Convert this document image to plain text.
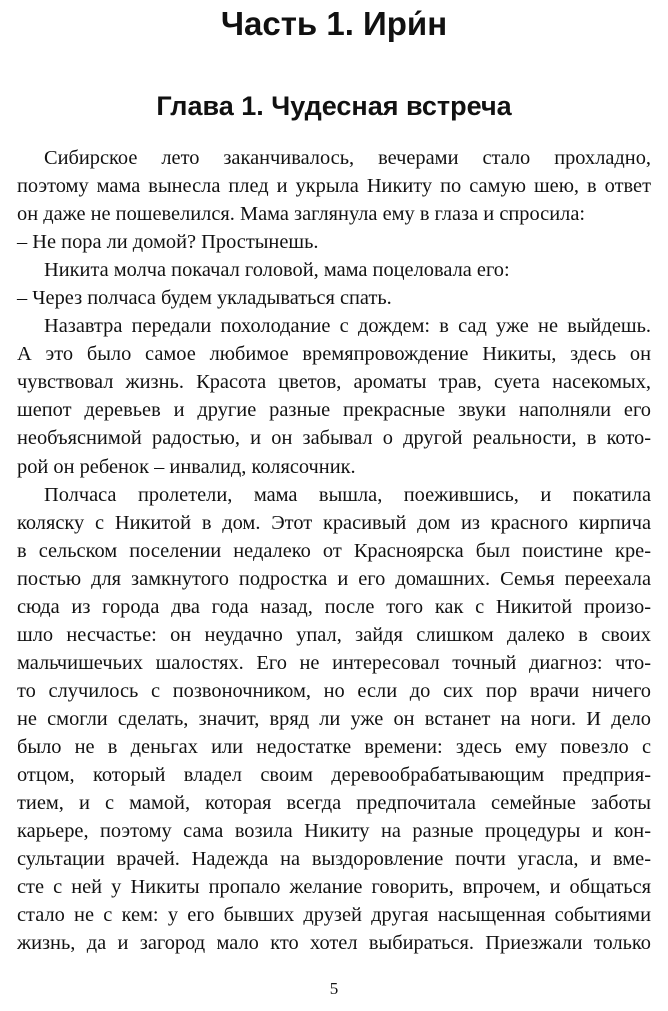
Часть 1. Ири́н
Глава 1. Чудесная встреча
Сибирское лето заканчивалось, вечерами стало прохладно,
поэтому мама вынесла плед и укрыла Никиту по самую шею, в ответ
он даже не пошевелился. Мама заглянула ему в глаза и спросила:
– Не пора ли домой? Простынешь.
Никита молча покачал головой, мама поцеловала его:
– Через полчаса будем укладываться спать.
Назавтра передали похолодание с дождем: в сад уже не выйдешь.
А это было самое любимое времяпровождение Никиты, здесь он
чувствовал жизнь. Красота цветов, ароматы трав, суета насекомых,
шепот деревьев и другие разные прекрасные звуки наполняли его
необъяснимой радостью, и он забывал о другой реальности, в кото-
рой он ребенок – инвалид, колясочник.
Полчаса пролетели, мама вышла, поежившись, и покатила
коляску с Никитой в дом. Этот красивый дом из красного кирпича
в сельском поселении недалеко от Красноярска был поистине кре-
постью для замкнутого подростка и его домашних. Семья переехала
сюда из города два года назад, после того как с Никитой произо-
шло несчастье: он неудачно упал, зайдя слишком далеко в своих
мальчишечьих шалостях. Его не интересовал точный диагноз: что-
то случилось с позвоночником, но если до сих пор врачи ничего
не смогли сделать, значит, вряд ли уже он встанет на ноги. И дело
было не в деньгах или недостатке времени: здесь ему повезло с
отцом, который владел своим деревообрабатывающим предприя-
тием, и с мамой, которая всегда предпочитала семейные заботы
карьере, поэтому сама возила Никиту на разные процедуры и кон-
сультации врачей. Надежда на выздоровление почти угасла, и вме-
сте с ней у Никиты пропало желание говорить, впрочем, и общаться
стало не с кем: у его бывших друзей другая насыщенная событиями
жизнь, да и загород мало кто хотел выбираться. Приезжали только
5
